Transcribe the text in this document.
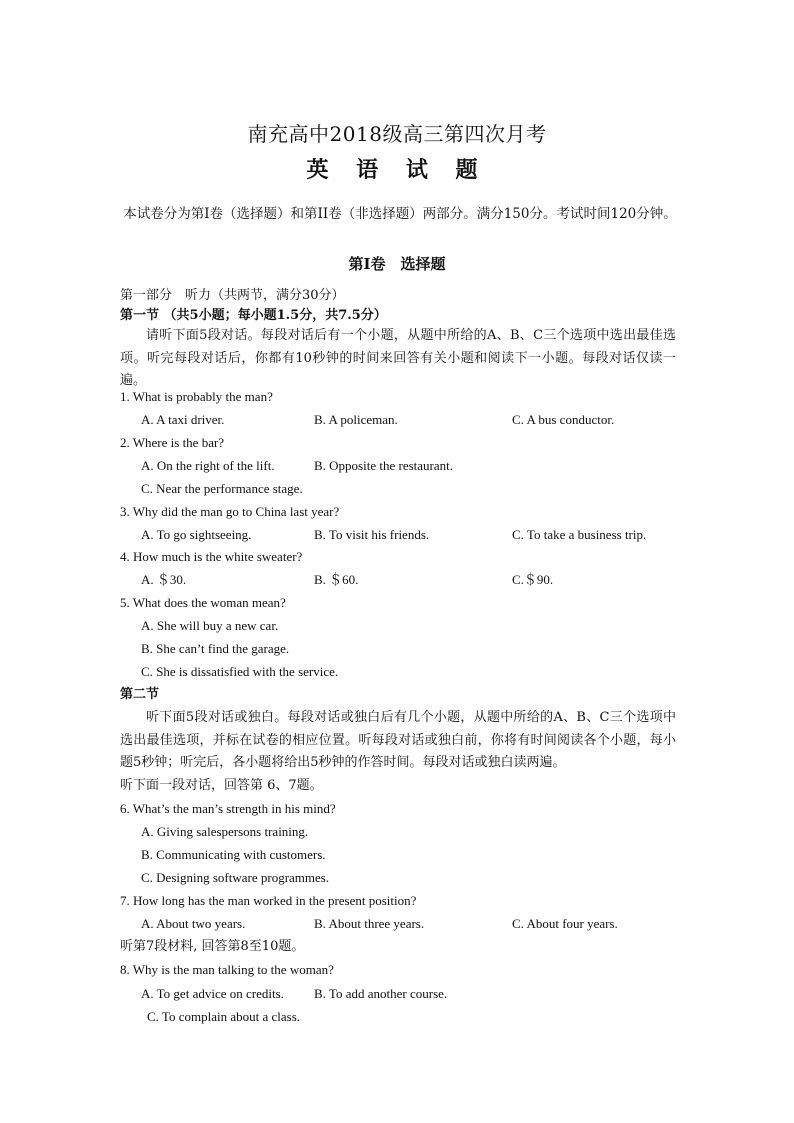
南充高中2018级高三第四次月考
英 语 试 题
本试卷分为第I卷（选择题）和第II卷（非选择题）两部分。满分150分。考试时间120分钟。
第I卷　选择题
第一部分　听力（共两节，满分30分）
第一节 （共5小题；每小题1.5分，共7.5分）
请听下面5段对话。每段对话后有一个小题，从题中所给的A、B、C三个选项中选出最佳选项。听完每段对话后，你都有10秒钟的时间来回答有关小题和阅读下一小题。每段对话仅读一遍。
1. What is probably the man?
A. A taxi driver.	B. A policeman.	C. A bus conductor.
2. Where is the bar?
A. On the right of the lift.	B. Opposite the restaurant.
C. Near the performance stage.
3. Why did the man go to China last year?
A. To go sightseeing.	B. To visit his friends.	C. To take a business trip.
4. How much is the white sweater?
A. ＄30.	B. ＄60.	C.＄90.
5. What does the woman mean?
A. She will buy a new car.
B. She can’t find the garage.
C. She is dissatisfied with the service.
第二节
听下面5段对话或独白。每段对话或独白后有几个小题，从题中所给的A、B、C三个选项中选出最佳选项，并标在试卷的相应位置。听每段对话或独白前，你将有时间阅读各个小题，每小题5秒钟；听完后，各小题将给出5秒钟的作答时间。每段对话或独白读两遍。
听下面一段对话，回答第 6、7题。
6. What’s the man’s strength in his mind?
A. Giving salespersons training.
B. Communicating with customers.
C. Designing software programmes.
7. How long has the man worked in the present position?
A. About two years.	B. About three years.	C. About four years.
听第7段材料, 回答第8至10题。
8. Why is the man talking to the woman?
A. To get advice on credits. B. To add another course.
C. To complain about a class.
